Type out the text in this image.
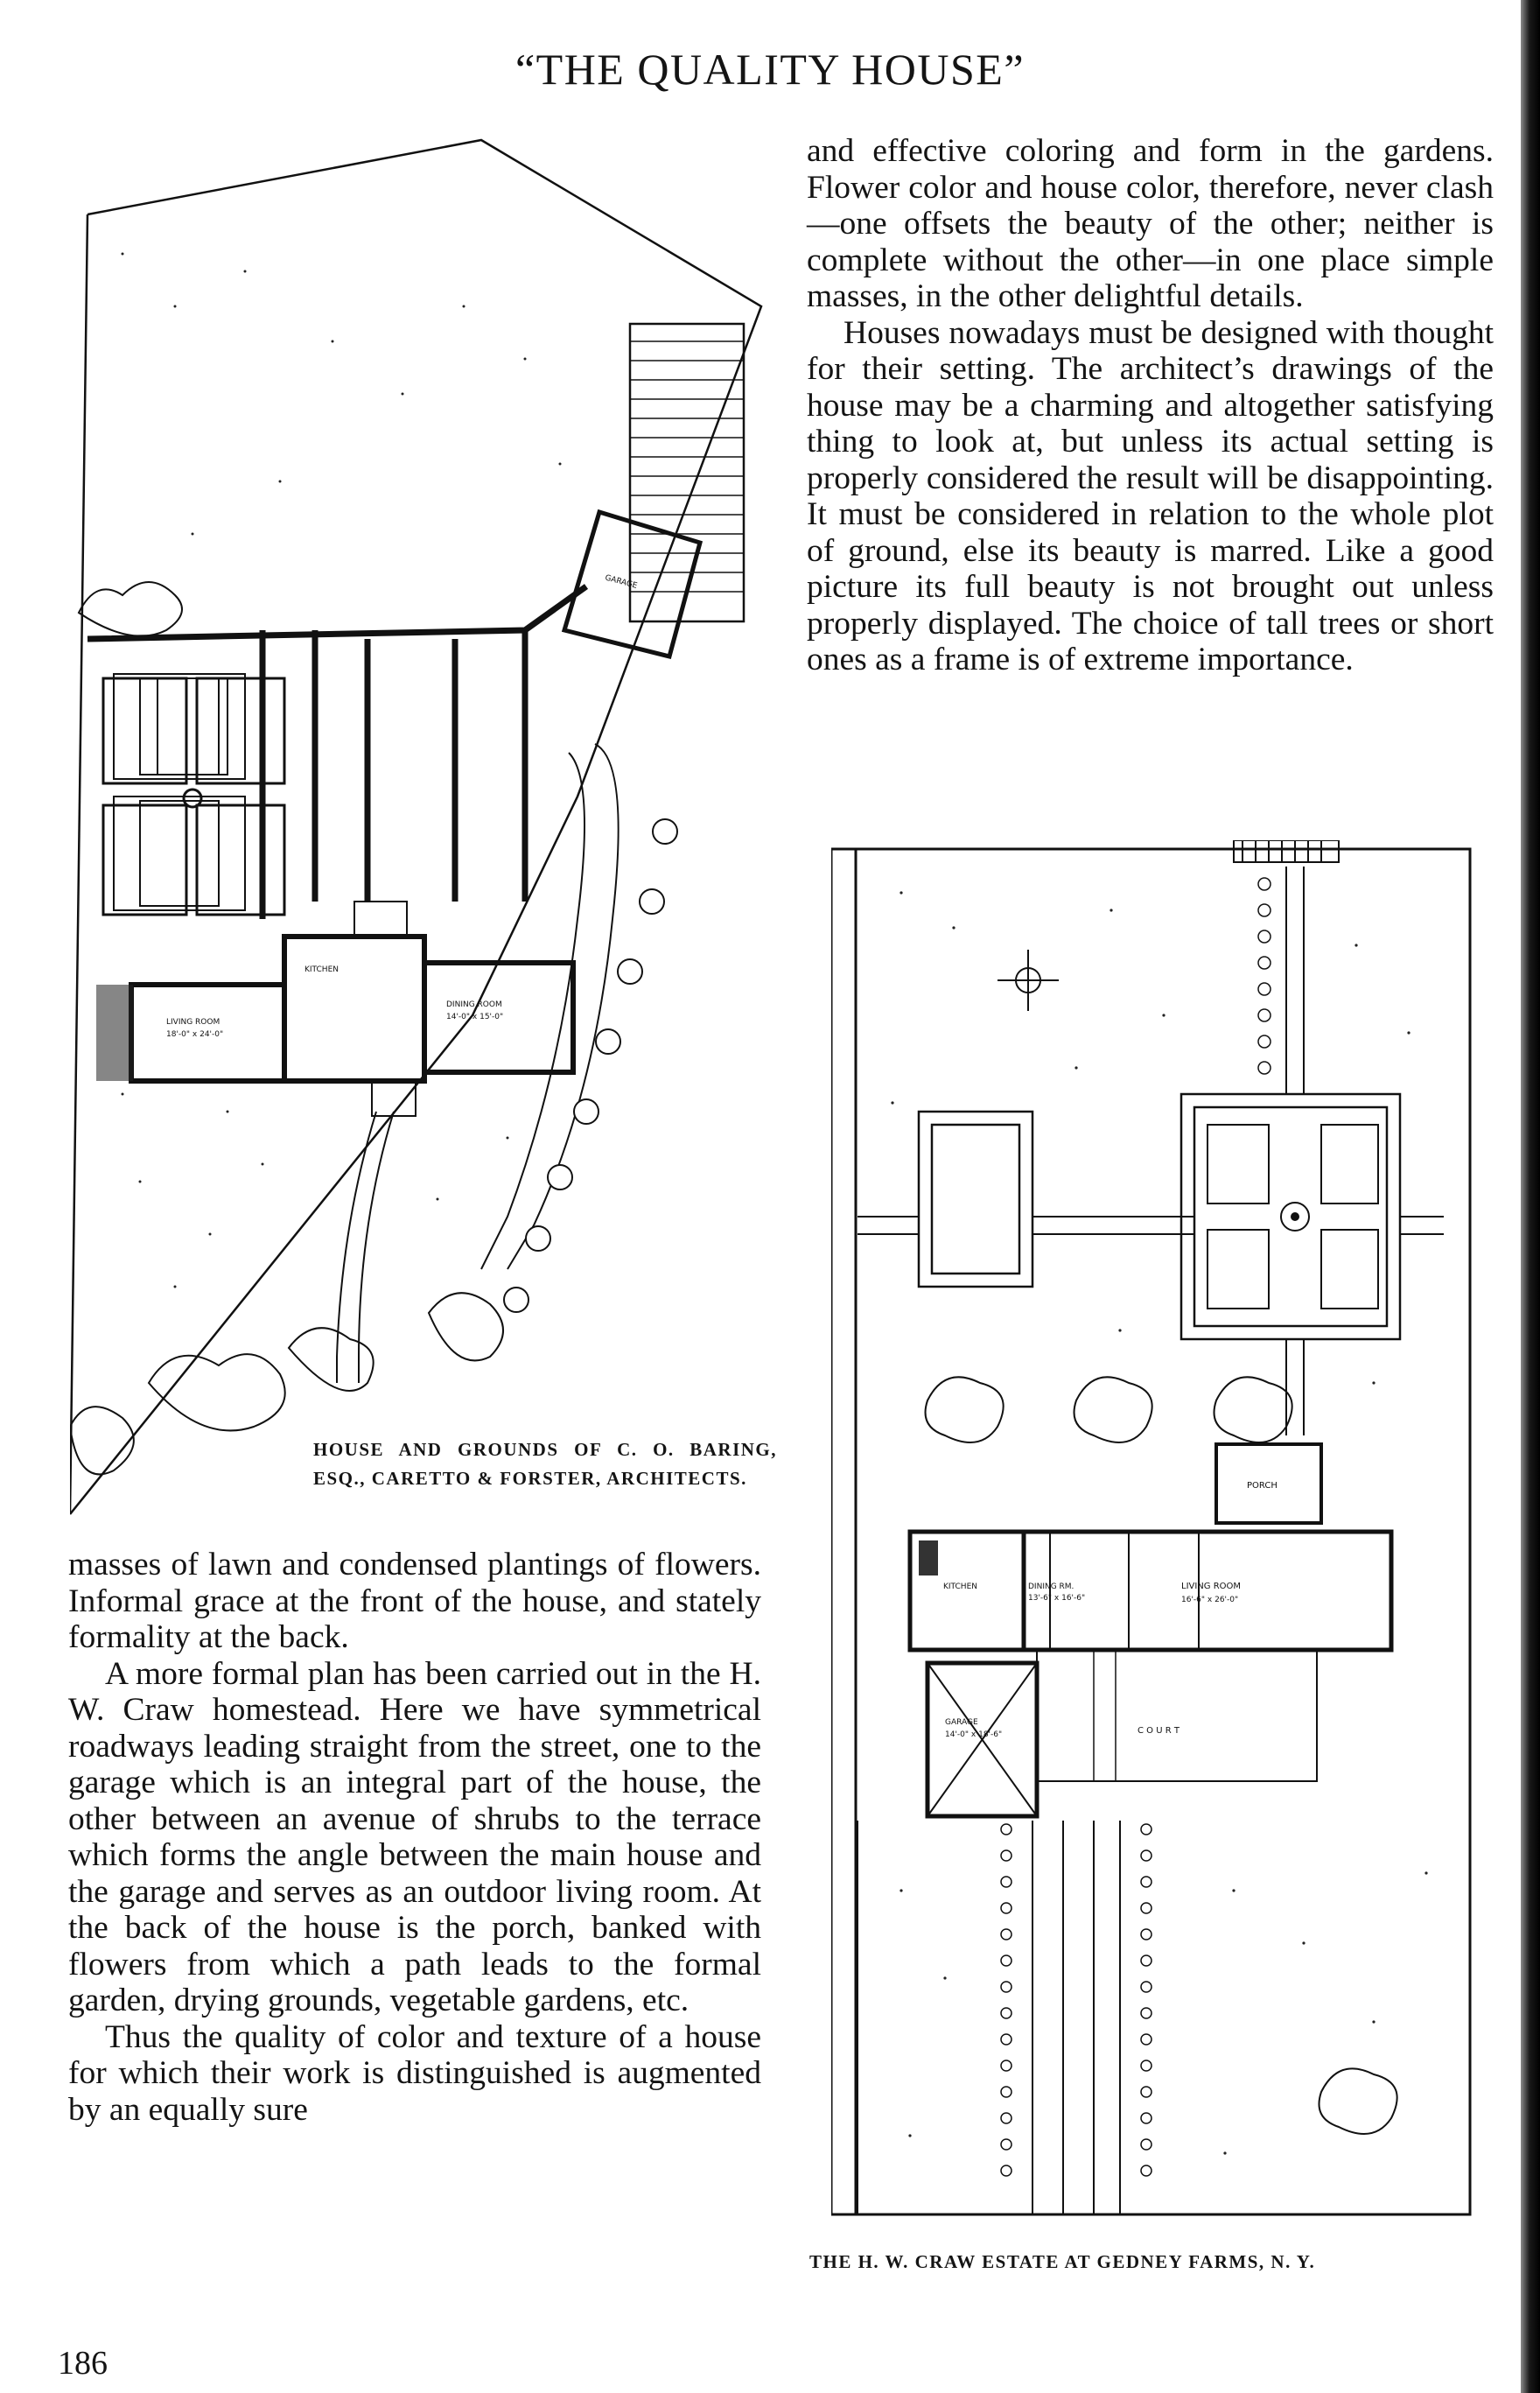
“THE QUALITY HOUSE”
GARAGE
KITCHEN
LIVING ROOM
18'-0" x 24'-0"
DINING ROOM
14'-0" x 15'-0"
HOUSE AND GROUNDS OF C. O. BARING, ESQ., CARETTO & FORSTER, ARCHITECTS.

and effective coloring and form in the gardens. Flower color and house color, therefore, never clash—one offsets the beauty of the other; neither is complete without the other—in one place simple masses, in the other delightful details.

Houses nowadays must be designed with thought for their setting. The architect’s drawings of the house may be a charming and altogether satisfying thing to look at, but unless its actual setting is properly considered the result will be disappointing. It must be considered in relation to the whole plot of ground, else its beauty is marred. Like a good picture its full beauty is not brought out unless properly displayed. The choice of tall trees or short ones as a frame is of extreme importance.

PORCH
KITCHEN	DINING RM.
13'-6" x 16'-6"
LIVING ROOM
16'-6" x 26'-0"
GARAGE
14'-0" x 18'-6"	C O U R T
THE H. W. CRAW ESTATE AT GEDNEY FARMS, N. Y.

masses of lawn and condensed plantings of flowers. Informal grace at the front of the house, and stately formality at the back.

A more formal plan has been carried out in the H. W. Craw homestead. Here we have symmetrical roadways leading straight from the street, one to the garage which is an integral part of the house, the other between an avenue of shrubs to the terrace which forms the angle between the main house and the garage and serves as an outdoor living room. At the back of the house is the porch, banked with flowers from which a path leads to the formal garden, drying grounds, vegetable gardens, etc.

Thus the quality of color and texture of a house for which their work is distinguished is augmented by an equally sure

186
